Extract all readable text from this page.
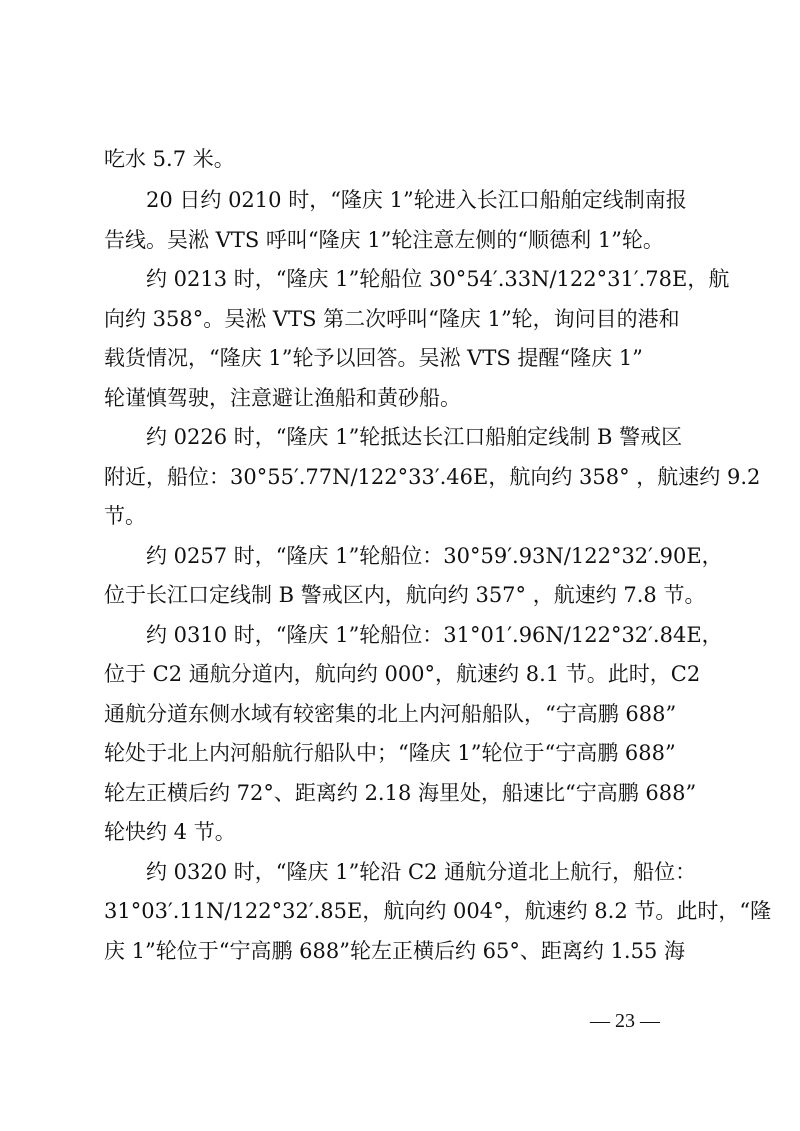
吃水 5.7 米。
20 日约 0210 时，“隆庆 1”轮进入长江口船舶定线制南报
告线。吴淞 VTS 呼叫“隆庆 1”轮注意左侧的“顺德利 1”轮。
约 0213 时，“隆庆 1”轮船位 30°54′.33N/122°31′.78E，航
向约 358°。吴淞 VTS 第二次呼叫“隆庆 1”轮，询问目的港和
载货情况，“隆庆 1”轮予以回答。吴淞 VTS 提醒“隆庆 1”
轮谨慎驾驶，注意避让渔船和黄砂船。
约 0226 时，“隆庆 1”轮抵达长江口船舶定线制 B 警戒区
附近，船位：30°55′.77N/122°33′.46E，航向约 358° ，航速约 9.2
节。
约 0257 时，“隆庆 1”轮船位：30°59′.93N/122°32′.90E，
位于长江口定线制 B 警戒区内，航向约 357° ，航速约 7.8 节。
约 0310 时，“隆庆 1”轮船位：31°01′.96N/122°32′.84E，
位于 C2 通航分道内，航向约 000°，航速约 8.1 节。此时，C2
通航分道东侧水域有较密集的北上内河船船队，“宁高鹏 688”
轮处于北上内河船航行船队中；“隆庆 1”轮位于“宁高鹏 688”
轮左正横后约 72°、距离约 2.18 海里处，船速比“宁高鹏 688”
轮快约 4 节。
约 0320 时，“隆庆 1”轮沿 C2 通航分道北上航行，船位：
31°03′.11N/122°32′.85E，航向约 004°，航速约 8.2 节。此时，“隆
庆 1”轮位于“宁高鹏 688”轮左正横后约 65°、距离约 1.55 海
— 23 —
